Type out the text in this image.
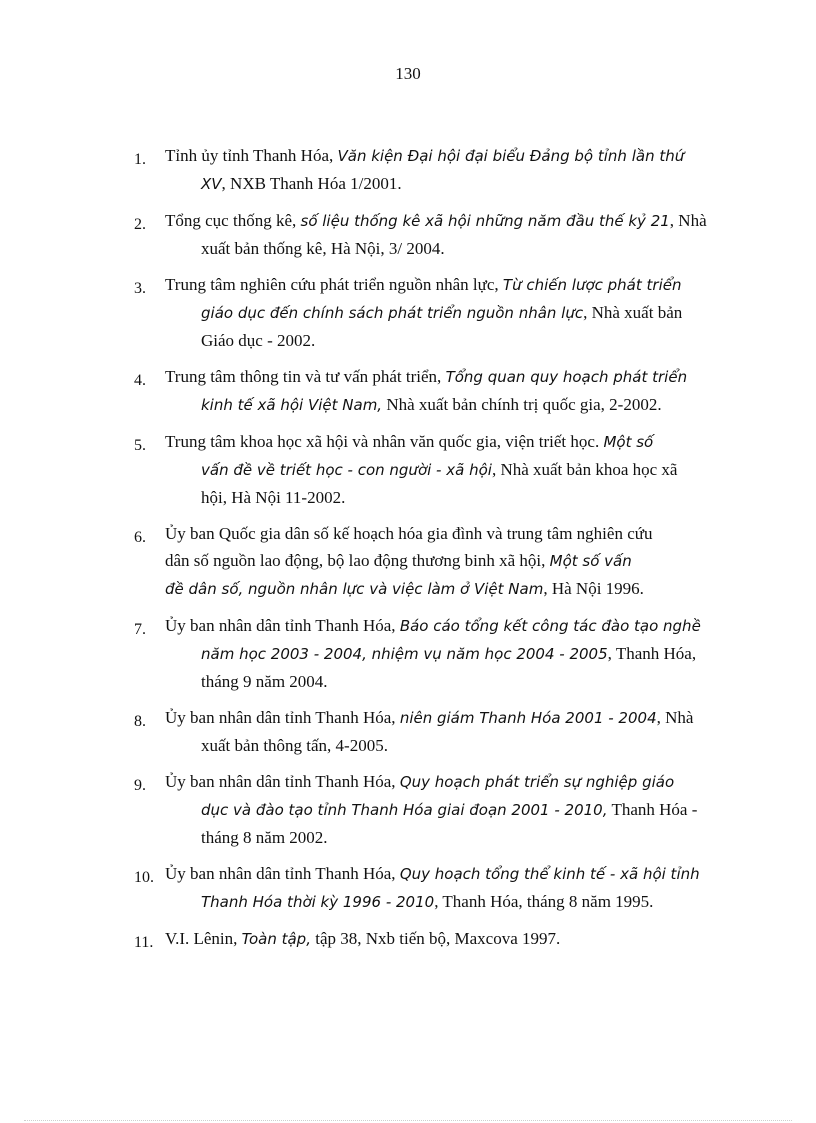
130
1. Tỉnh ủy tỉnh Thanh Hóa, Văn kiện Đại hội đại biểu Đảng bộ tỉnh lần thứ
XV, NXB Thanh Hóa 1/2001.
2. Tổng cục thống kê, số liệu thống kê xã hội những năm đầu thế kỷ 21, Nhà
xuất bản thống kê, Hà Nội, 3/ 2004.
3. Trung tâm nghiên cứu phát triển nguồn nhân lực, Từ chiến lược phát triển
giáo dục đến chính sách phát triển nguồn nhân lực, Nhà xuất bản
Giáo dục - 2002.
4. Trung tâm thông tin và tư vấn phát triển, Tổng quan quy hoạch phát triển
kinh tế xã hội Việt Nam, Nhà xuất bản chính trị quốc gia, 2-2002.
5. Trung tâm khoa học xã hội và nhân văn quốc gia, viện triết học. Một số
vấn đề về triết học - con người - xã hội, Nhà xuất bản khoa học xã
hội, Hà Nội 11-2002.
6. Ủy ban Quốc gia dân số kế hoạch hóa gia đình và trung tâm nghiên cứu
dân số nguồn lao động, bộ lao động thương binh xã hội, Một số vấn
đề dân số, nguồn nhân lực và việc làm ở Việt Nam, Hà Nội 1996.
7. Ủy ban nhân dân tỉnh Thanh Hóa, Báo cáo tổng kết công tác đào tạo nghề
năm học 2003 - 2004, nhiệm vụ năm học 2004 - 2005, Thanh Hóa,
tháng 9 năm 2004.
8. Ủy ban nhân dân tỉnh Thanh Hóa, niên giám Thanh Hóa 2001 - 2004, Nhà
xuất bản thông tấn, 4-2005.
9. Ủy ban nhân dân tỉnh Thanh Hóa, Quy hoạch phát triển sự nghiệp giáo
dục và đào tạo tỉnh Thanh Hóa giai đoạn 2001 - 2010, Thanh Hóa -
tháng 8 năm 2002.
10. Ủy ban nhân dân tỉnh Thanh Hóa, Quy hoạch tổng thể kinh tế - xã hội tỉnh
Thanh Hóa thời kỳ 1996 - 2010, Thanh Hóa, tháng 8 năm 1995.
11. V.I. Lênin, Toàn tập, tập 38, Nxb tiến bộ, Maxcova 1997.
